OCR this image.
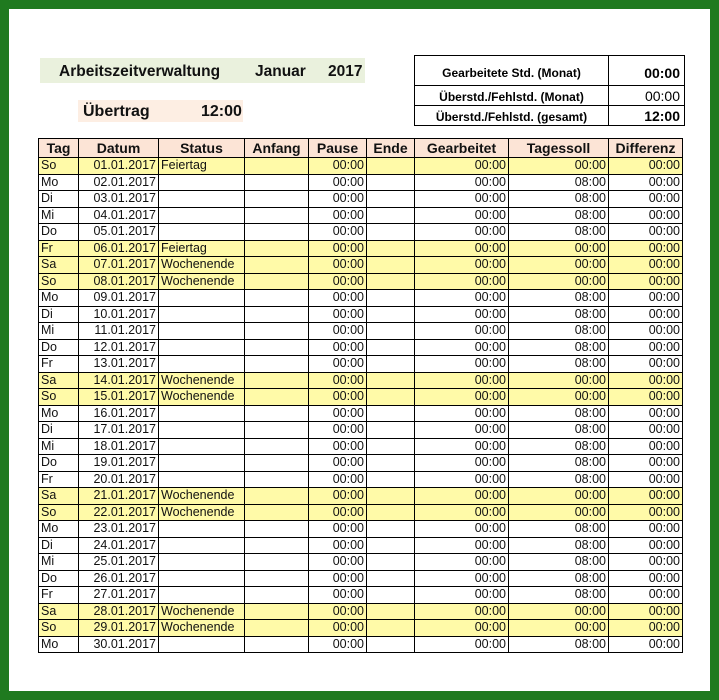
Arbeitszeitverwaltung Januar 2017
Übertrag	12:00
Gearbeitete Std. (Monat)	00:00
Überstd./Fehlstd. (Monat)	00:00
Überstd./Fehlstd. (gesamt)	12:00
Tag	Datum	Status	Anfang	Pause	Ende	Gearbeitet	Tagessoll	Differenz
So	01.01.2017	Feiertag		00:00		00:00	00:00	00:00
Mo	02.01.2017			00:00		00:00	08:00	00:00
Di	03.01.2017			00:00		00:00	08:00	00:00
Mi	04.01.2017			00:00		00:00	08:00	00:00
Do	05.01.2017			00:00		00:00	08:00	00:00
Fr	06.01.2017	Feiertag		00:00		00:00	00:00	00:00
Sa	07.01.2017	Wochenende		00:00		00:00	00:00	00:00
So	08.01.2017	Wochenende		00:00		00:00	00:00	00:00
Mo	09.01.2017			00:00		00:00	08:00	00:00
Di	10.01.2017			00:00		00:00	08:00	00:00
Mi	11.01.2017			00:00		00:00	08:00	00:00
Do	12.01.2017			00:00		00:00	08:00	00:00
Fr	13.01.2017			00:00		00:00	08:00	00:00
Sa	14.01.2017	Wochenende		00:00		00:00	00:00	00:00
So	15.01.2017	Wochenende		00:00		00:00	00:00	00:00
Mo	16.01.2017			00:00		00:00	08:00	00:00
Di	17.01.2017			00:00		00:00	08:00	00:00
Mi	18.01.2017			00:00		00:00	08:00	00:00
Do	19.01.2017			00:00		00:00	08:00	00:00
Fr	20.01.2017			00:00		00:00	08:00	00:00
Sa	21.01.2017	Wochenende		00:00		00:00	00:00	00:00
So	22.01.2017	Wochenende		00:00		00:00	00:00	00:00
Mo	23.01.2017			00:00		00:00	08:00	00:00
Di	24.01.2017			00:00		00:00	08:00	00:00
Mi	25.01.2017			00:00		00:00	08:00	00:00
Do	26.01.2017			00:00		00:00	08:00	00:00
Fr	27.01.2017			00:00		00:00	08:00	00:00
Sa	28.01.2017	Wochenende		00:00		00:00	00:00	00:00
So	29.01.2017	Wochenende		00:00		00:00	00:00	00:00
Mo	30.01.2017			00:00		00:00	08:00	00:00
